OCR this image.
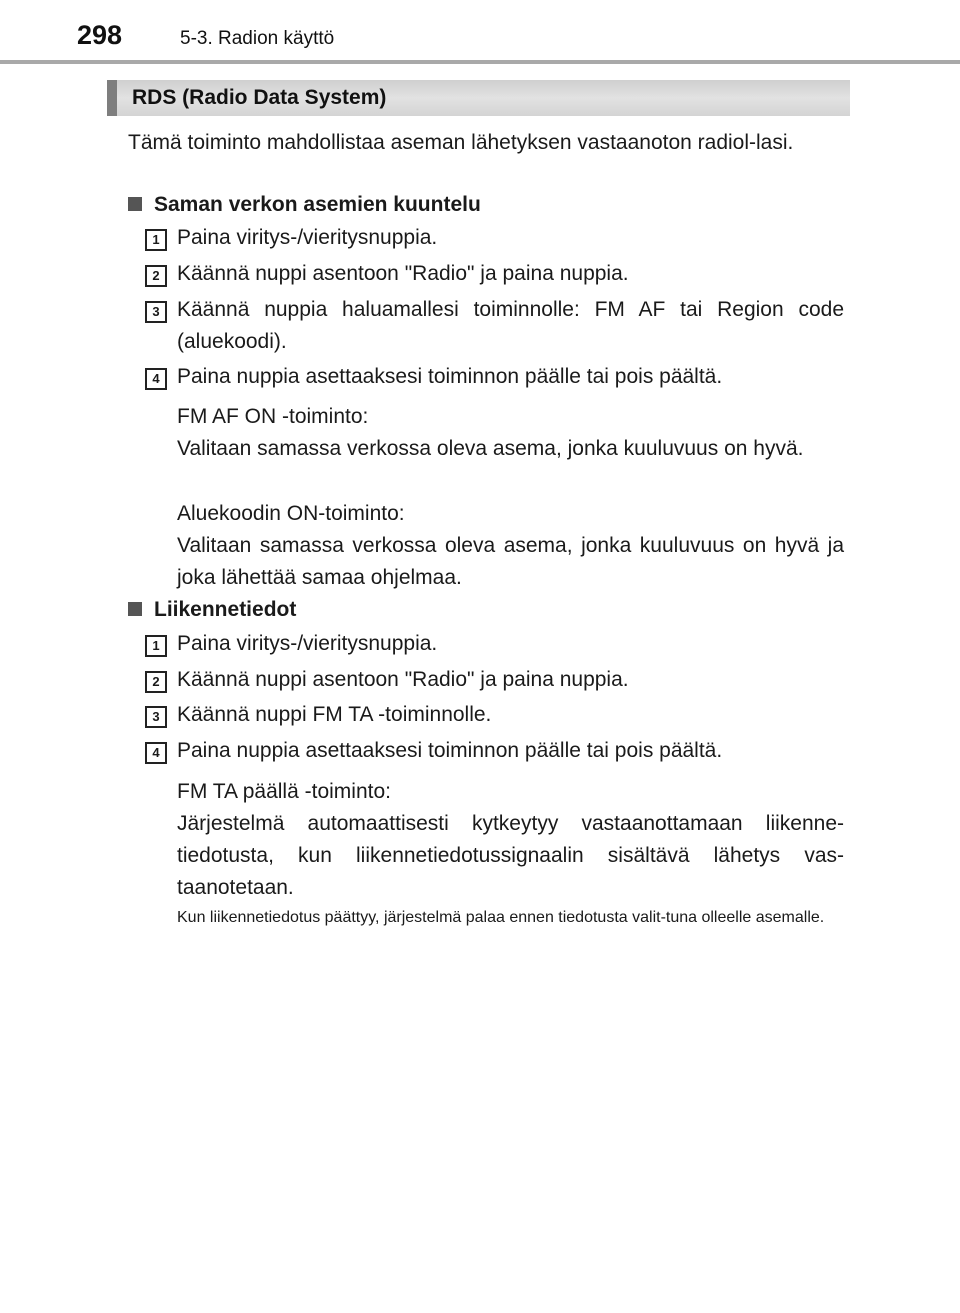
298	5-3. Radion käyttö
RDS (Radio Data System)
Tämä toiminto mahdollistaa aseman lähetyksen vastaanoton radiol-lasi.
Saman verkon asemien kuuntelu
1 Paina viritys-/vieritysnuppia.
2 Käännä nuppi asentoon "Radio" ja paina nuppia.
3 Käännä nuppia haluamallesi toiminnolle: FM AF tai Region code (aluekoodi).
4 Paina nuppia asettaaksesi toiminnon päälle tai pois päältä.
FM AF ON -toiminto:
Valitaan samassa verkossa oleva asema, jonka kuuluvuus on hyvä.
Aluekoodin ON-toiminto:
Valitaan samassa verkossa oleva asema, jonka kuuluvuus on hyvä ja joka lähettää samaa ohjelmaa.
Liikennetiedot
1 Paina viritys-/vieritysnuppia.
2 Käännä nuppi asentoon "Radio" ja paina nuppia.
3 Käännä nuppi FM TA -toiminnolle.
4 Paina nuppia asettaaksesi toiminnon päälle tai pois päältä.
FM TA päällä -toiminto:
Järjestelmä automaattisesti kytkeytyy vastaanottamaan liikenne-tiedotusta, kun liikennetiedotussignaalin sisältävä lähetys vas-taanotetaan.
Kun liikennetiedotus päättyy, järjestelmä palaa ennen tiedotusta valit-tuna olleelle asemalle.
